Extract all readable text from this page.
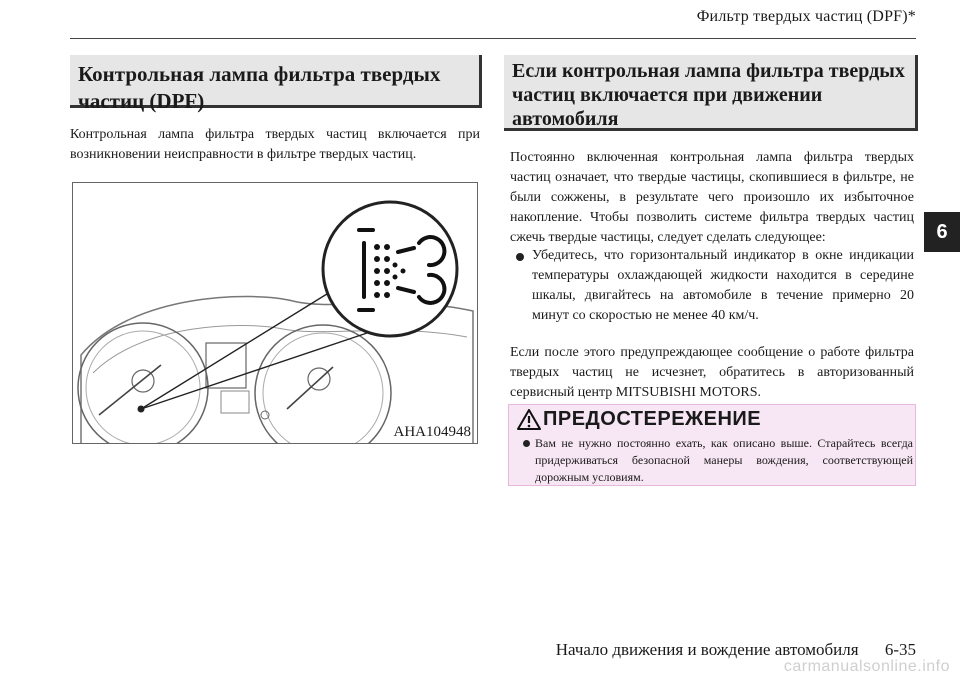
Фильтр твердых частиц (DPF)*
6
Контрольная лампа фильтра твердых частиц (DPF)
Контрольная лампа фильтра твердых частиц включается при возникновении неисправности в фильтре твердых частиц.
AHA104948
Если контрольная лампа фильтра твердых частиц включается при движении автомобиля
Постоянно включенная контрольная лампа фильтра твердых частиц означает, что твердые частицы, скопившиеся в фильтре, не были сожжены, в результате чего произошло их избыточное накопление. Чтобы позволить системе фильтра твердых частиц сжечь твердые частицы, следует сделать следующее:
Убедитесь, что горизонтальный индикатор в окне индикации температуры охлаждающей жидкости находится в середине шкалы, двигайтесь на автомобиле в течение примерно 20 минут со скоростью не менее 40 км/ч.
Если после этого предупреждающее сообщение о работе фильтра твердых частиц не исчезнет, обратитесь в авторизованный сервисный центр MITSUBISHI MOTORS.
ПРЕДОСТЕРЕЖЕНИЕ
Вам не нужно постоянно ехать, как описано выше. Старайтесь всегда придерживаться безопасной манеры вождения, соответствующей дорожным условиям.
Начало движения и вождение автомобиля 6-35
carmanualsonline.info
